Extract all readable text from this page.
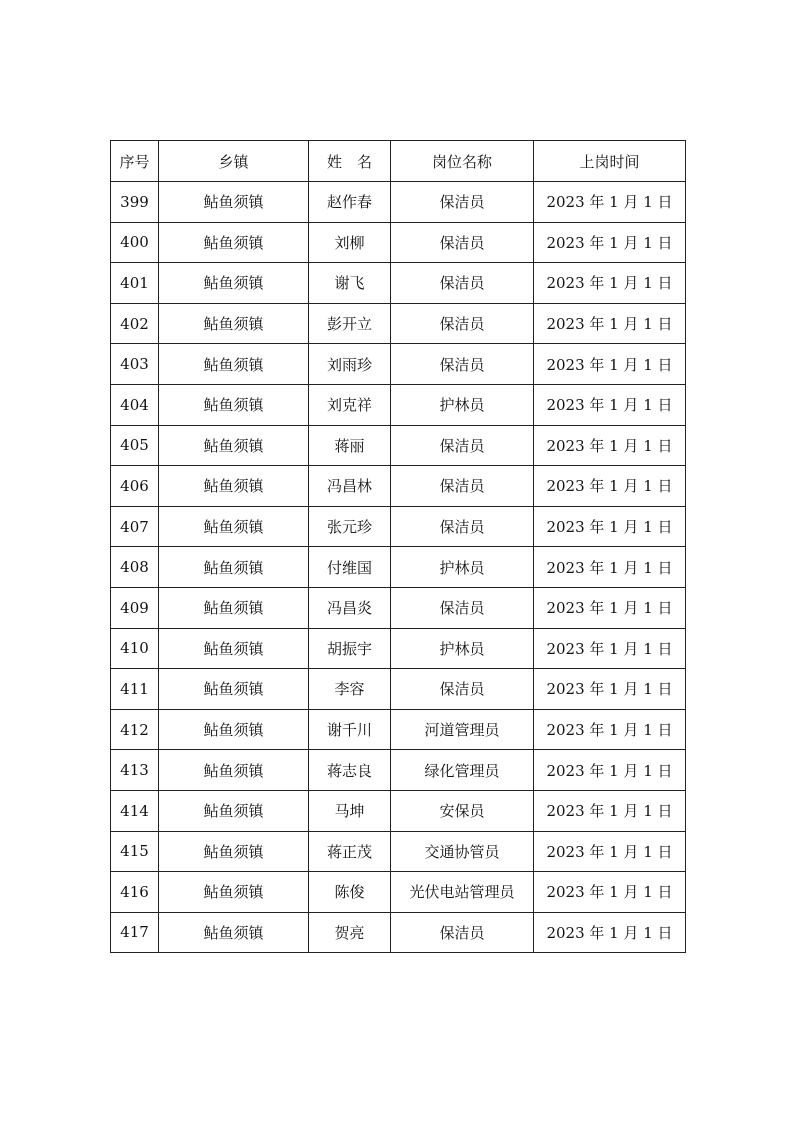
序号	乡镇	姓　名	岗位名称	上岗时间
399	鲇鱼须镇	赵作春	保洁员	2023 年 1 月 1 日
400	鲇鱼须镇	刘柳	保洁员	2023 年 1 月 1 日
401	鲇鱼须镇	谢飞	保洁员	2023 年 1 月 1 日
402	鲇鱼须镇	彭开立	保洁员	2023 年 1 月 1 日
403	鲇鱼须镇	刘雨珍	保洁员	2023 年 1 月 1 日
404	鲇鱼须镇	刘克祥	护林员	2023 年 1 月 1 日
405	鲇鱼须镇	蒋丽	保洁员	2023 年 1 月 1 日
406	鲇鱼须镇	冯昌林	保洁员	2023 年 1 月 1 日
407	鲇鱼须镇	张元珍	保洁员	2023 年 1 月 1 日
408	鲇鱼须镇	付维国	护林员	2023 年 1 月 1 日
409	鲇鱼须镇	冯昌炎	保洁员	2023 年 1 月 1 日
410	鲇鱼须镇	胡振宇	护林员	2023 年 1 月 1 日
411	鲇鱼须镇	李容	保洁员	2023 年 1 月 1 日
412	鲇鱼须镇	谢千川	河道管理员	2023 年 1 月 1 日
413	鲇鱼须镇	蒋志良	绿化管理员	2023 年 1 月 1 日
414	鲇鱼须镇	马坤	安保员	2023 年 1 月 1 日
415	鲇鱼须镇	蒋正茂	交通协管员	2023 年 1 月 1 日
416	鲇鱼须镇	陈俊	光伏电站管理员	2023 年 1 月 1 日
417	鲇鱼须镇	贺亮	保洁员	2023 年 1 月 1 日
